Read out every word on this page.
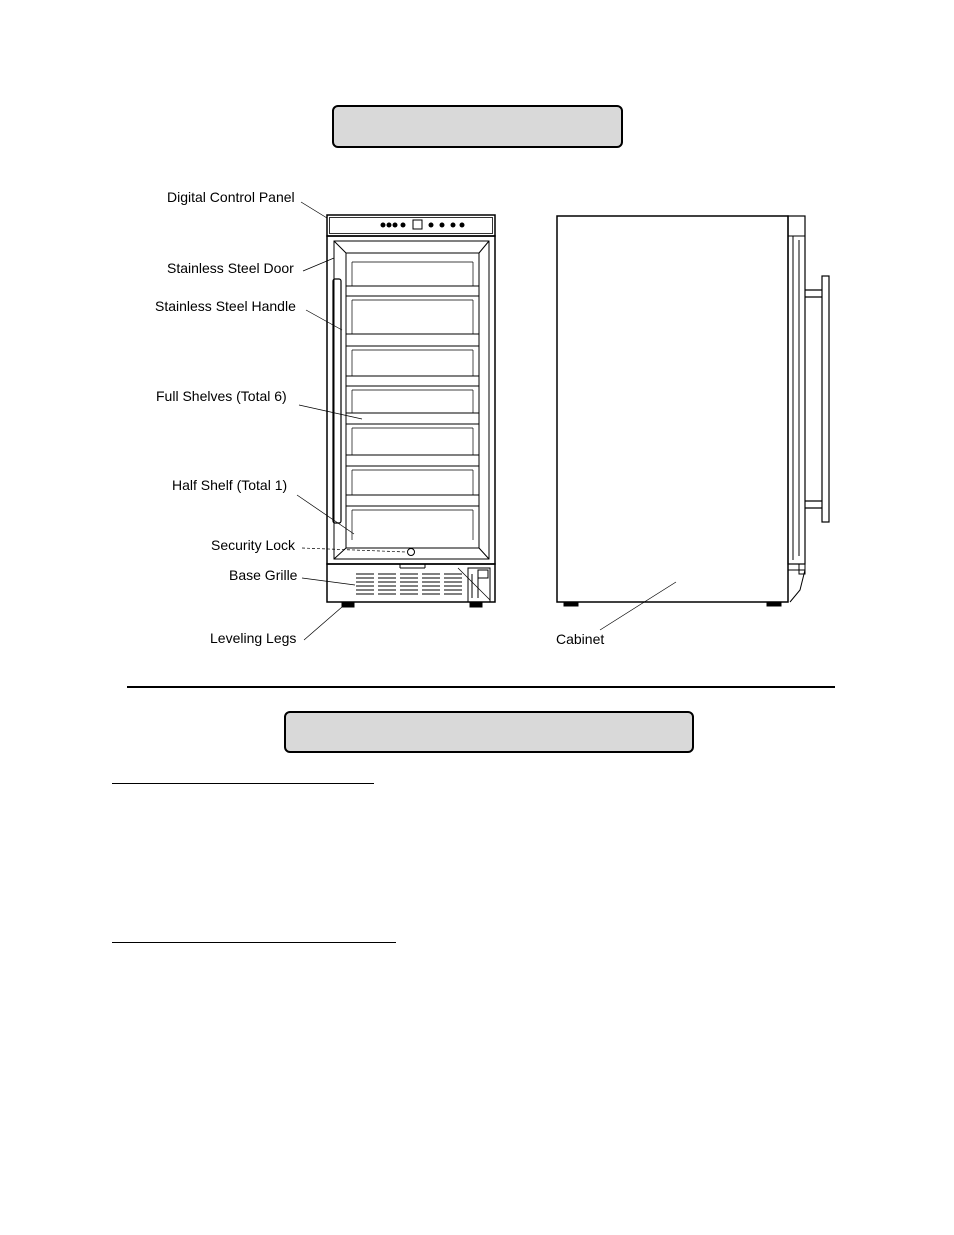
Digital Control Panel
Stainless Steel Door
Stainless Steel Handle
Full Shelves (Total 6)
Half Shelf (Total 1)
Security Lock
Base Grille
Leveling Legs	Cabinet
